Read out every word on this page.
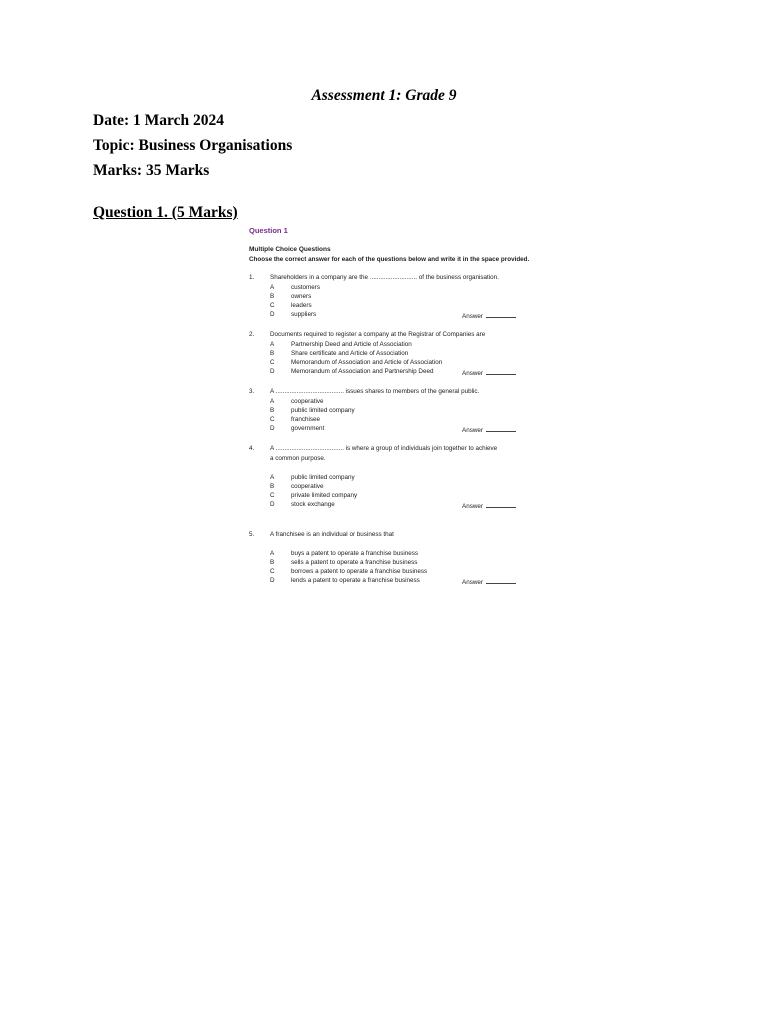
Assessment 1: Grade 9
Date: 1 March 2024
Topic: Business Organisations
Marks: 35 Marks
Question 1. (5 Marks)
Question 1
Multiple Choice Questions
Choose the correct answer for each of the questions below and write it in the space provided.
1. Shareholders in a company are the ........................... of the business organisation.
A	customers
B	owners
C	leaders
D	suppliers	Answer
2. Documents required to register a company at the Registrar of Companies are
A	Partnership Deed and Article of Association
B	Share certificate and Article of Association
C	Memorandum of Association and Article of Association
D	Memorandum of Association and Partnership Deed	Answer
3. A ....................................... issues shares to members of the general public.
A	cooperative
B	public limited company
C	franchisee
D	government	Answer
4. A ....................................... is where a group of individuals join together to achieve
a common purpose.
A	public limited company
B	cooperative
C	private limited company
D	stock exchange	Answer
5. A franchisee is an individual or business that
A	buys a patent to operate a franchise business
B	sells a patent to operate a franchise business
C	borrows a patent to operate a franchise business
D	lends a patent to operate a franchise business	Answer
